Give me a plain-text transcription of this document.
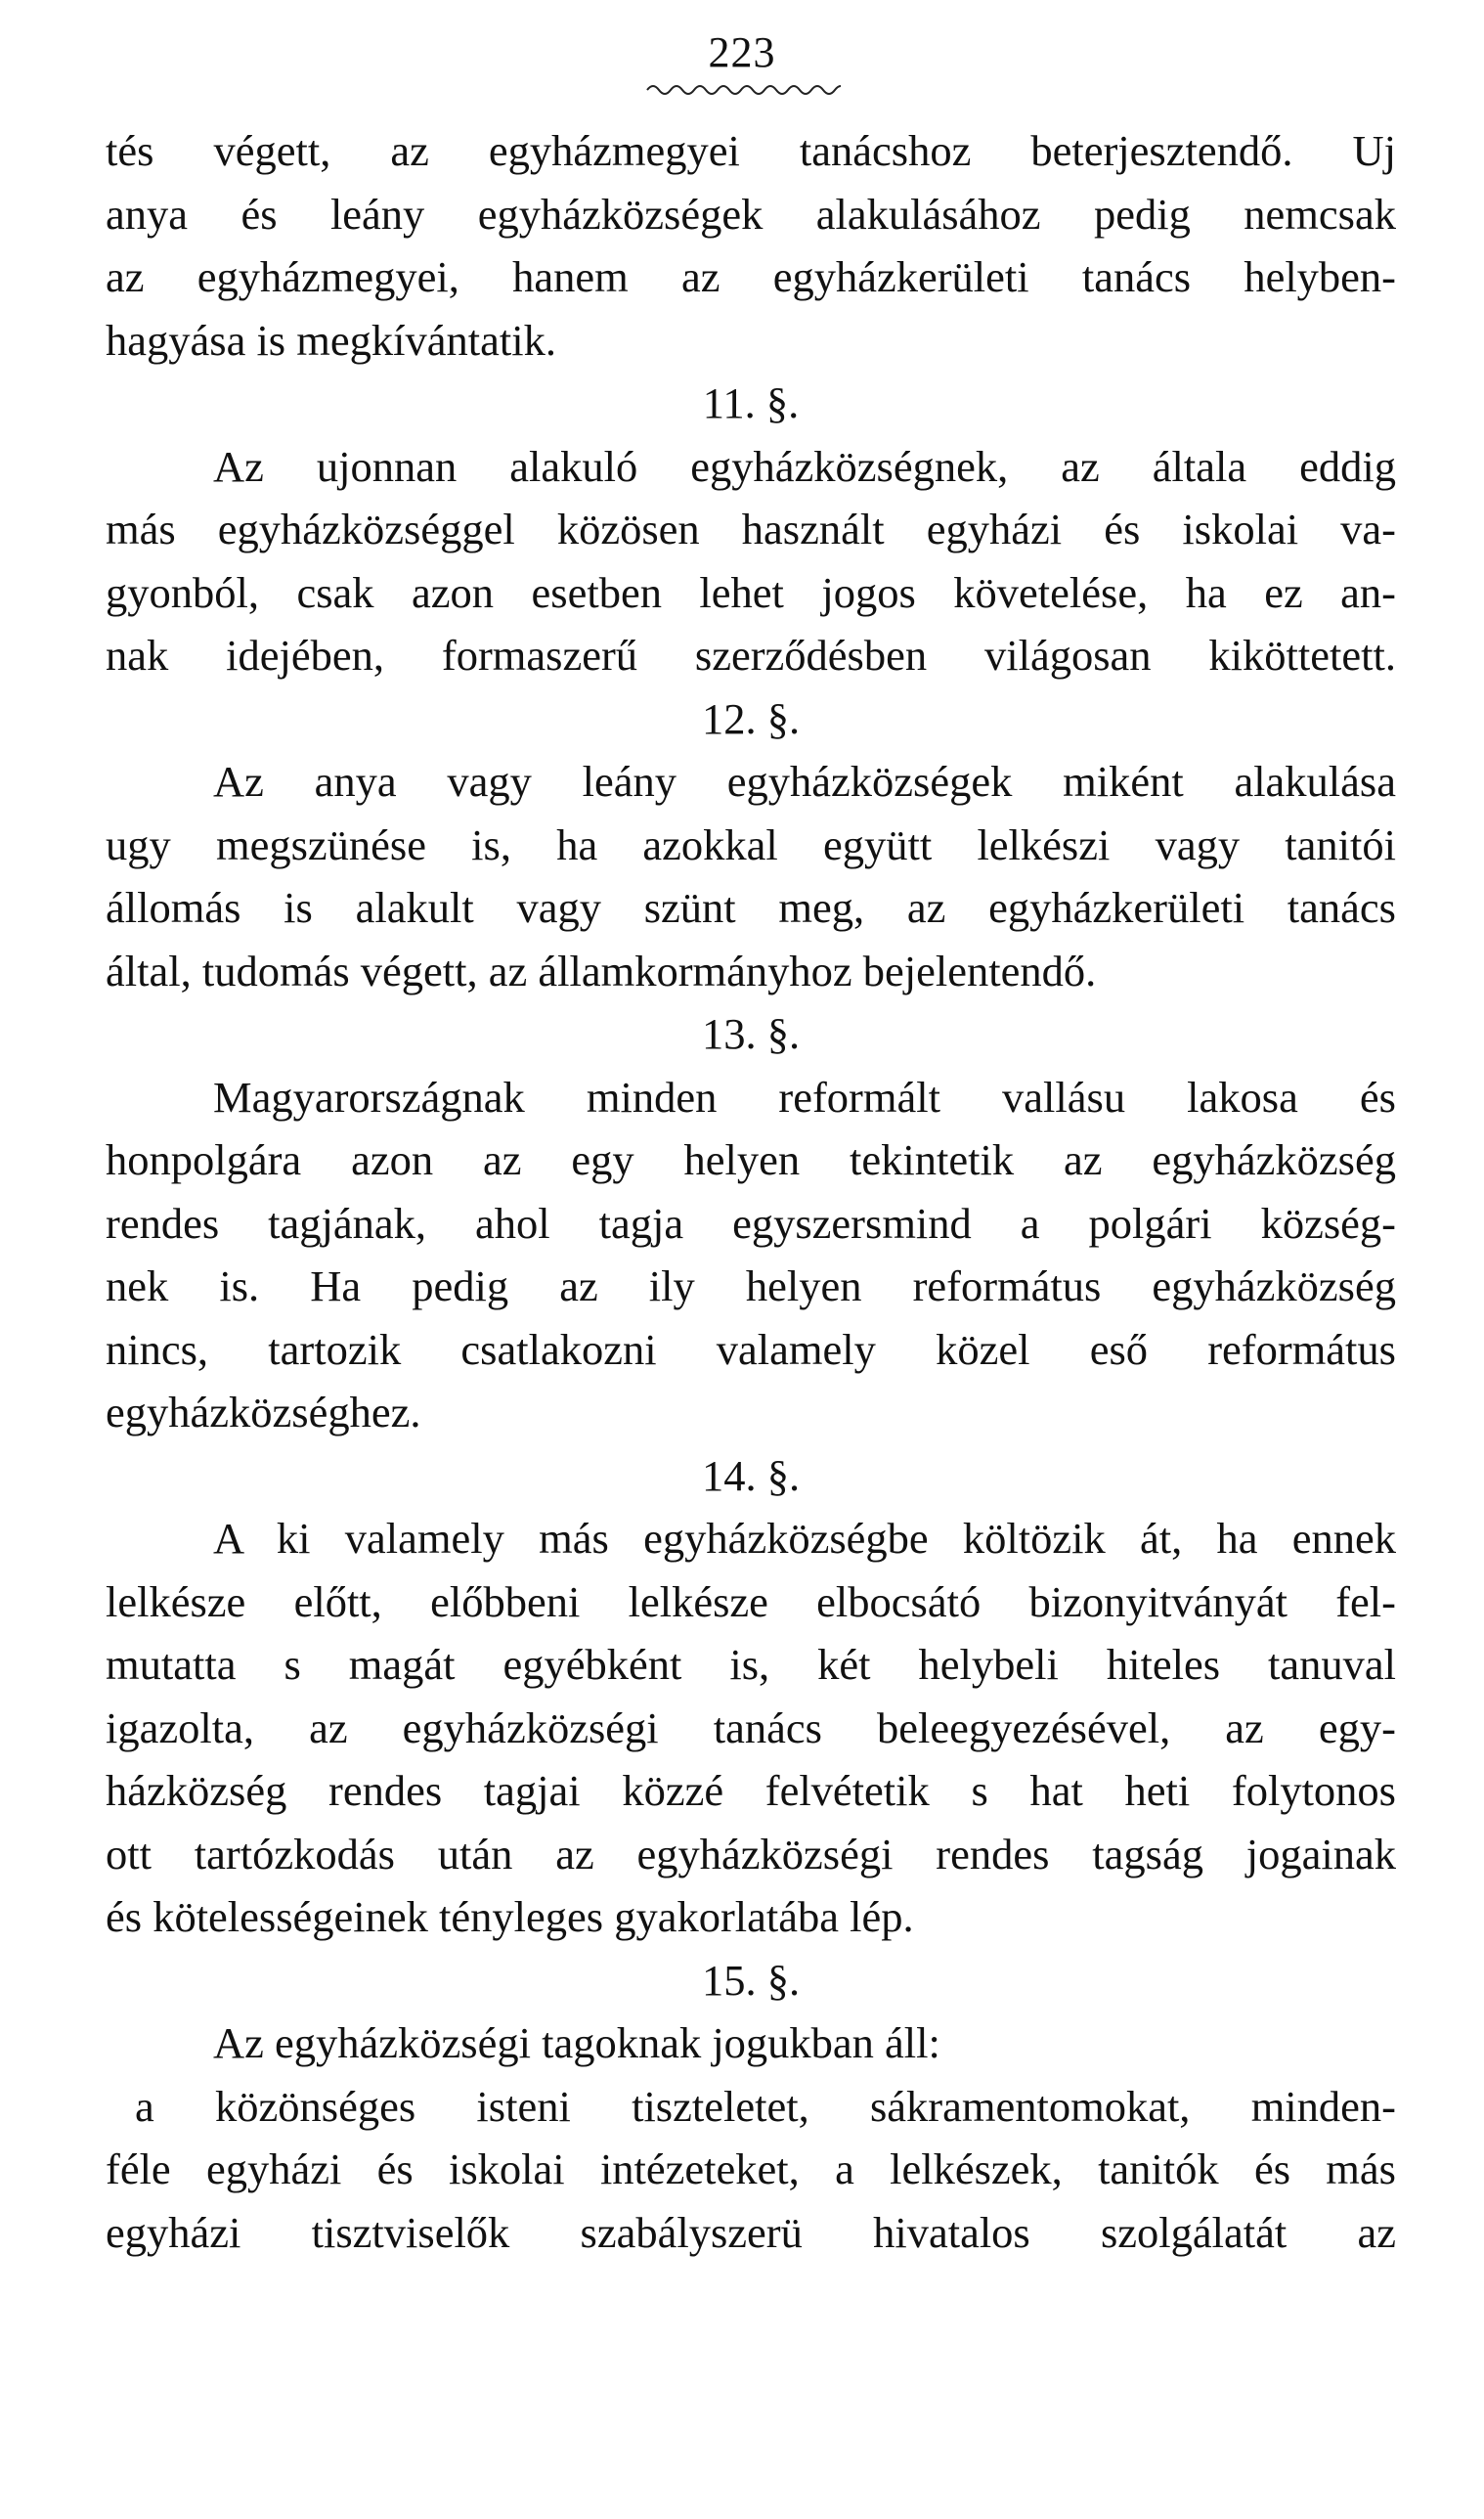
223
tés végett, az egyházmegyei tanácshoz beterjesztendő. Uj
anya és leány egyházközségek alakulásához pedig nemcsak
az egyházmegyei, hanem az egyházkerületi tanács helyben-
hagyása is megkívántatik.
11. §.
Az ujonnan alakuló egyházközségnek, az általa eddig
más egyházközséggel közösen használt egyházi és iskolai va-
gyonból, csak azon esetben lehet jogos követelése, ha ez an-
nak idejében, formaszerű szerződésben világosan kiköttetett.
12. §.
Az anya vagy leány egyházközségek miként alakulása
ugy megszünése is, ha azokkal együtt lelkészi vagy tanitói
állomás is alakult vagy szünt meg, az egyházkerületi tanács
által, tudomás végett, az államkormányhoz bejelentendő.
13. §.
Magyarországnak minden reformált vallásu lakosa és
honpolgára azon az egy helyen tekintetik az egyházközség
rendes tagjának, ahol tagja egyszersmind a polgári község-
nek is. Ha pedig az ily helyen református egyházközség
nincs, tartozik csatlakozni valamely közel eső református
egyházközséghez.
14. §.
A ki valamely más egyházközségbe költözik át, ha ennek
lelkésze előtt, előbbeni lelkésze elbocsátó bizonyitványát fel-
mutatta s magát egyébként is, két helybeli hiteles tanuval
igazolta, az egyházközségi tanács beleegyezésével, az egy-
házközség rendes tagjai közzé felvétetik s hat heti folytonos
ott tartózkodás után az egyházközségi rendes tagság jogainak
és kötelességeinek tényleges gyakorlatába lép.
15. §.
Az egyházközségi tagoknak jogukban áll:
a közönséges isteni tiszteletet, sákramentomokat, minden-
féle egyházi és iskolai intézeteket, a lelkészek, tanitók és más
egyházi tisztviselők szabályszerü hivatalos szolgálatát az
